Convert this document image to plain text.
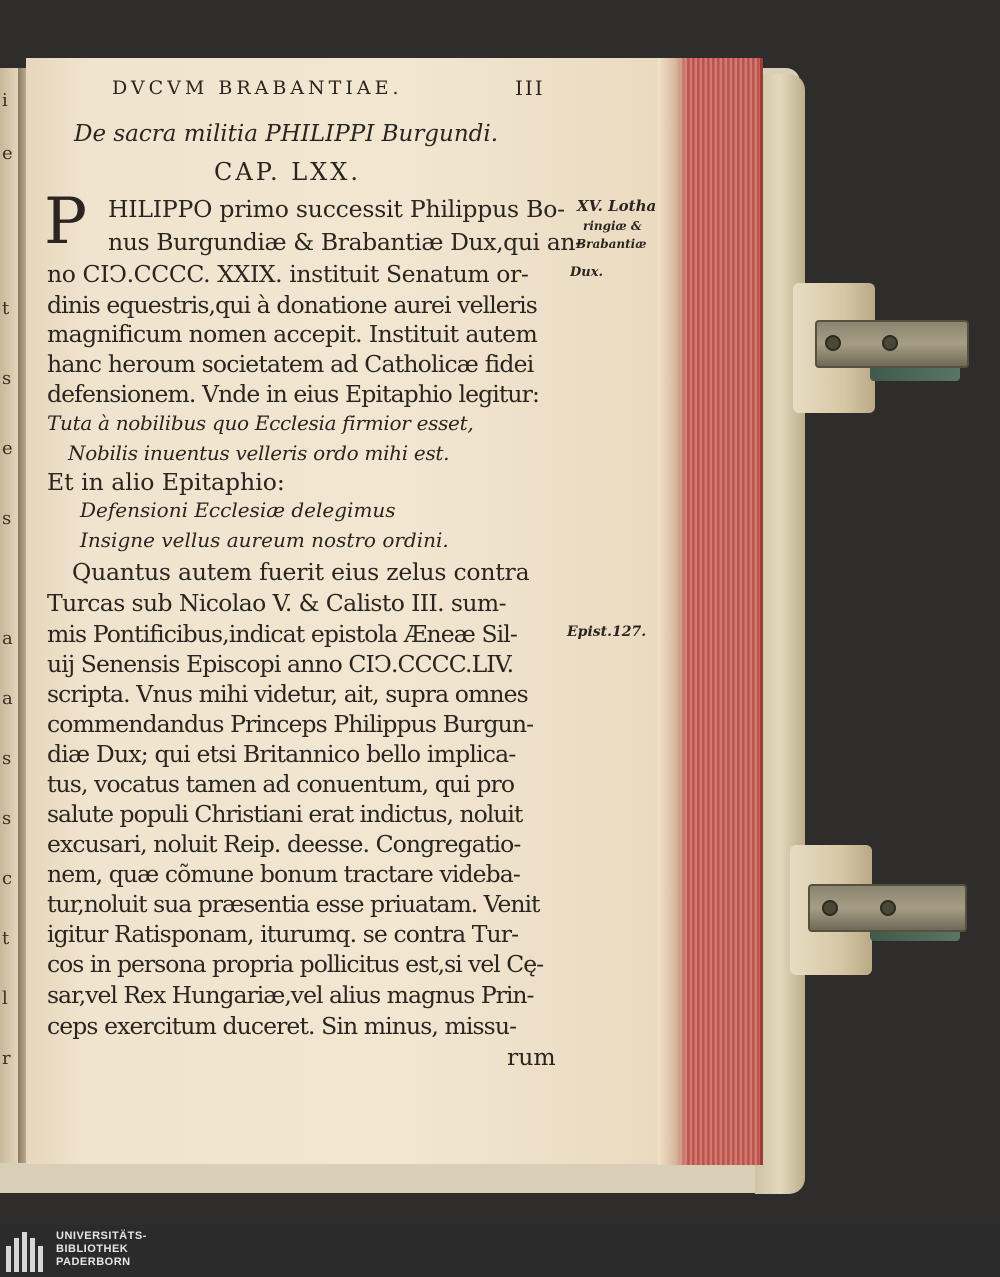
i
e
t
s
e
s
a
a
s
s
c
t
l
r
DVCVM BRABANTIAE.	III
De sacra militia PHILIPPI Burgundi.
CAP. LXX.
P HILIPPO primo successit Philippus Bo-
nus Burgundiæ & Brabantiæ Dux,qui an-
no CIↃ.CCCC. XXIX. instituit Senatum or-
dinis equestris,qui à donatione aurei velleris
magnificum nomen accepit. Instituit autem
hanc heroum societatem ad Catholicæ fidei
defensionem. Vnde in eius Epitaphio legitur:
Tuta à nobilibus quo Ecclesia firmior esset,
Nobilis inuentus velleris ordo mihi est.
Et in alio Epitaphio:
Defensioni Ecclesiæ delegimus
Insigne vellus aureum nostro ordini.
Quantus autem fuerit eius zelus contra
Turcas sub Nicolao V. & Calisto III. sum-
mis Pontificibus,indicat epistola Æneæ Sil-
uij Senensis Episcopi anno CIↃ.CCCC.LIV.
scripta. Vnus mihi videtur, ait, supra omnes
commendandus Princeps Philippus Burgun-
diæ Dux; qui etsi Britannico bello implica-
tus, vocatus tamen ad conuentum, qui pro
salute populi Christiani erat indictus, noluit
excusari, noluit Reip. deesse. Congregatio-
nem, quæ cõmune bonum tractare videba-
tur,noluit sua præsentia esse priuatam. Venit
igitur Ratisponam, iturumq. se contra Tur-
cos in persona propria pollicitus est,si vel Cę-
sar,vel Rex Hungariæ,vel alius magnus Prin-
ceps exercitum duceret. Sin minus, missu-
rum
XV. Lotha
ringiæ &
Brabantiæ
Dux.
Epist.127.
UNIVERSITÄTS-
BIBLIOTHEK
PADERBORN
